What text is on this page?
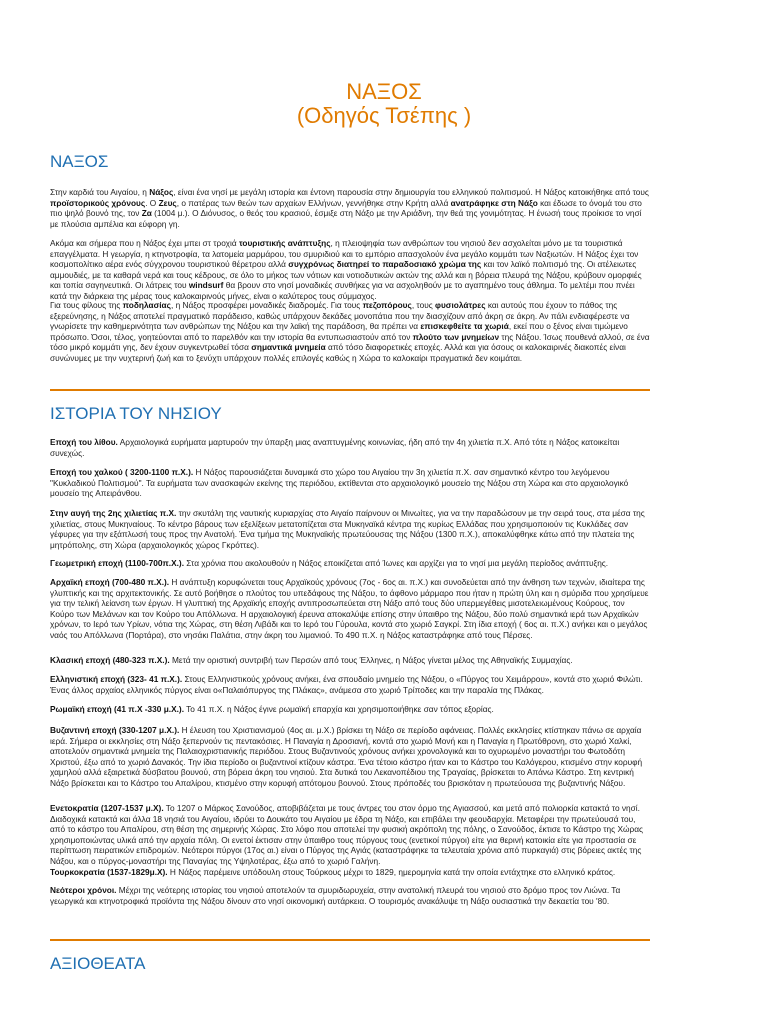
ΝΑΞΟΣ
(Οδηγός Τσέπης )
ΝΑΞΟΣ

Στην καρδιά του Αιγαίου, η Νάξος, είναι ένα νησί με μεγάλη ιστορία και έντονη παρουσία στην δημιουργία του ελληνικού πολιτισμού. Η Νάξος κατοικήθηκε από τους προϊστορικούς χρόνους. Ο Ζευς, ο πατέρας των θεών των αρχαίων Ελλήνων, γεννήθηκε στην Κρήτη αλλά ανατράφηκε στη Νάξο και έδωσε το όνομά του στο πιο ψηλό βουνό της, τον Ζα (1004 μ.). Ο Διόνυσος, ο θεός του κρασιού, έσμιξε στη Νάξο με την Αριάδνη, την θεά της γονιμότητας. Η ένωσή τους προίκισε το νησί με πλούσια αμπέλια και εύφορη γη.

Ακόμα και σήμερα που η Νάξος έχει μπει στ τροχιά τουριστικής ανάπτυξης, η πλειοψηφία των ανθρώπων του νησιού δεν ασχολείται μόνο με τα τουριστικά επαγγέλματα. Η γεωργία, η κτηνοτροφία, τα λατομεία μαρμάρου, του σμυριδιού και το εμπόριο απασχολούν ένα μεγάλο κομμάτι των Ναξιωτών. Η Νάξος έχει τον κοσμοπολίτικο αέρα ενός σύγχρονου τουριστικού θέρετρου αλλά συγχρόνως διατηρεί το παραδοσιακό χρώμα της και τον λαϊκό πολιτισμό της. Οι ατέλειωτες αμμουδιές, με τα καθαρά νερά και τους κέδρους, σε όλο το μήκος των νότιων και νοτιοδυτικών ακτών της αλλά και η βόρεια πλευρά της Νάξου, κρύβουν ομορφιές και τοπία σαγηνευτικά. Οι λάτρεις του windsurf θα βρουν στο νησί μοναδικές συνθήκες για να ασχοληθούν με το αγαπημένο τους άθλημα. Το μελτέμι που πνέει κατά την διάρκεια της μέρας τους καλοκαιρινούς μήνες, είναι ο καλύτερος τους σύμμαχος.

Για τους φίλους της ποδηλασίας, η Νάξος προσφέρει μοναδικές διαδρομές. Για τους πεζοπόρους, τους φυσιολάτρες και αυτούς που έχουν το πάθος της εξερεύνησης, η Νάξος αποτελεί πραγματικό παράδεισο, καθώς υπάρχουν δεκάδες μονοπάτια που την διασχίζουν από άκρη σε άκρη. Αν πάλι ενδιαφέρεστε να γνωρίσετε την καθημερινότητα των ανθρώπων της Νάξου και την λαϊκή της παράδοση, θα πρέπει να επισκεφθείτε τα χωριά, εκεί που ο ξένος είναι τιμώμενο πρόσωπο. Όσοι, τέλος, γοητεύονται από το παρελθόν και την ιστορία θα εντυπωσιαστούν από τον πλούτο των μνημείων της Νάξου. Ίσως πουθενά αλλού, σε ένα τόσο μικρό κομμάτι γης, δεν έχουν συγκεντρωθεί τόσα σημαντικά μνημεία από τόσο διαφορετικές εποχές. Αλλά και για όσους οι καλοκαιρινές διακοπές είναι συνώνυμες με την νυχτερινή ζωή και το ξενύχτι υπάρχουν πολλές επιλογές καθώς η Χώρα το καλοκαίρι πραγματικά δεν κοιμάται.

ΙΣΤΟΡΙΑ ΤΟΥ ΝΗΣΙΟΥ

Εποχή του λίθου. Αρχαιολογικά ευρήματα μαρτυρούν την ύπαρξη μιας αναπτυγμένης κοινωνίας, ήδη από την 4η χιλιετία π.Χ. Από τότε η Νάξος κατοικείται συνεχώς.

Εποχή του χαλκού ( 3200-1100 π.Χ.). Η Νάξος παρουσιάζεται δυναμικά στο χώρο του Αιγαίου την 3η χιλιετία π.Χ. σαν σημαντικό κέντρο του λεγόμενου "Κυκλαδικού Πολιτισμού". Τα ευρήματα των ανασκαφών εκείνης της περιόδου, εκτίθενται στο αρχαιολογικό μουσείο της Νάξου στη Χώρα και στο αρχαιολογικό μουσείο της Απειράνθου.

Στην αυγή της 2ης χιλιετίας π.Χ. την σκυτάλη της ναυτικής κυριαρχίας στο Αιγαίο παίρνουν οι Μινωίτες, για να την παραδώσουν με την σειρά τους, στα μέσα της χιλιετίας, στους Μυκηναίους. Το κέντρο βάρους των εξελίξεων μετατοπίζεται στα Μυκηναϊκά κέντρα της κυρίως Ελλάδας που χρησιμοποιούν τις Κυκλάδες σαν γέφυρες για την εξάπλωσή τους προς την Ανατολή. Ένα τμήμα της Μυκηναϊκής πρωτεύουσας της Νάξου (1300 π.Χ.), αποκαλύφθηκε κάτω από την πλατεία της μητρόπολης, στη Χώρα (αρχαιολογικός χώρος Γκρόττες).

Γεωμετρική εποχή (1100-700π.Χ.). Στα χρόνια που ακολουθούν η Νάξος εποικίζεται από Ίωνες και αρχίζει για το νησί μια μεγάλη περίοδος ανάπτυξης.

Αρχαϊκή εποχή (700-480 π.Χ.). Η ανάπτυξη κορυφώνεται τους Αρχαϊκούς χρόνους (7ος - 6ος αι. π.Χ.) και συνοδεύεται από την άνθηση των τεχνών, ιδιαίτερα της γλυπτικής και της αρχιτεκτονικής. Σε αυτό βοήθησε ο πλούτος του υπεδάφους της Νάξου, το άφθονο μάρμαρο που ήταν η πρώτη ύλη και η σμύριδα που χρησίμευε για την τελική λείανση των έργων. Η γλυπτική της Αρχαϊκής εποχής αντιπροσωπεύεται στη Νάξο από τους δύο υπερμεγέθεις μισοτελειωμένους Κούρους, τον Κούρο των Μελάνων και τον Κούρο του Απόλλωνα. Η αρχαιολογική έρευνα αποκαλύψε επίσης στην ύπαιθρο της Νάξου, δύο πολύ σημαντικά ιερά των Αρχαϊκών χρόνων, το Ιερό των Υρίων, νότια της Χώρας, στη θέση Λιβάδι και το Ιερό του Γύρουλα, κοντά στο χωριό Σαγκρί. Στη ίδια εποχή ( 6ος αι. π.Χ.) ανήκει και ο μεγάλος ναός του Απόλλωνα (Πορτάρα), στο νησάκι Παλάτια, στην άκρη του λιμανιού. Το 490 π.Χ. η Νάξος καταστράφηκε από τους Πέρσες.

Κλασική εποχή (480-323 π.Χ.). Μετά την οριστική συντριβή των Περσών από τους Έλληνες, η Νάξος γίνεται μέλος της Αθηναϊκής Συμμαχίας.

Ελληνιστική εποχή (323- 41 π.Χ.). Στους Ελληνιστικούς χρόνους ανήκει, ένα σπουδαίο μνημείο της Νάξου, ο «Πύργος του Χειμάρρου», κοντά στο χωριό Φιλώτι. Ένας άλλος αρχαίος ελληνικός πύργος είναι ο«Παλαιόπυργος της Πλάκας», ανάμεσα στο χωριό Τρίποδες και την παραλία της Πλάκας.

Ρωμαϊκή εποχή (41 π.Χ -330 μ.Χ.). Το 41 π.Χ. η Νάξος έγινε ρωμαϊκή επαρχία και χρησιμοποιήθηκε σαν τόπος εξορίας.

Βυζαντινή εποχή (330-1207 μ.Χ.). Η έλευση του Χριστιανισμού (4ος αι. μ.Χ.) βρίσκει τη Νάξο σε περίοδο αφάνειας. Πολλές εκκλησίες κτίστηκαν πάνω σε αρχαία ιερά. Σήμερα οι εκκλησίες στη Νάξο ξεπερνούν τις πεντακόσιες. Η Παναγία η Δροσιανή, κοντά στο χωριό Μονή και η Παναγία η Πρωτόθρονη, στο χωριό Χαλκί, αποτελούν σημαντικά μνημεία της Παλαιοχριστιανικής περιόδου. Στους Βυζαντινούς χρόνους ανήκει χρονολογικά και το οχυρωμένο μοναστήρι του Φωτοδότη Χριστού, έξω από το χωριό Δανακός. Την ίδια περίοδο οι βυζαντινοί κτίζουν κάστρα. Ένα τέτοιο κάστρο ήταν και το Κάστρο του Καλόγερου, κτισμένο στην κορυφή χαμηλού αλλά εξαιρετικά δύσβατου βουνού, στη βόρεια άκρη του νησιού. Στα δυτικά του Λεκανοπέδιου της Τραγαίας, βρίσκεται το Απάνω Κάστρο. Στη κεντρική Νάξο βρίσκεται και το Κάστρο του Απαλίρου, κτισμένο στην κορυφή απότομου βουνού. Στους πρόποδές του βρισκόταν η πρωτεύουσα της βυζαντινής Νάξου.

Ενετοκρατία (1207-1537 μ.Χ). Το 1207 ο Μάρκος Σανούδος, αποβιβάζεται με τους άντρες του στον όρμο της Αγιασσού, και μετά από πολιορκία κατακτά το νησί. Διαδοχικά κατακτά και άλλα 18 νησιά του Αιγαίου, ιδρύει το Δουκάτο του Αιγαίου με έδρα τη Νάξο, και επιβάλει την φεουδαρχία. Μεταφέρει την πρωτεύουσά του, από το κάστρο του Απαλίρου, στη θέση της σημερινής Χώρας. Στο λόφο που αποτελεί την φυσική ακρόπολη της πόλης, ο Σανούδος, έκτισε το Κάστρο της Χώρας χρησιμοποιώντας υλικά από την αρχαία πόλη. Οι ενετοί έκτισαν στην ύπαιθρο τους πύργους τους (ενετικοί πύργοι) είτε για θερινή κατοικία είτε για προστασία σε περίπτωση πειρατικών επιδρομών. Νεότεροι πύργοι (17ος αι.) είναι ο Πύργος της Αγιάς (καταστράφηκε τα τελευταία χρόνια από πυρκαγιά) στις βόρειες ακτές της Νάξου, και ο πύργος-μοναστήρι της Παναγίας της Υψηλοτέρας, έξω από το χωριό Γαλήνη.

Τουρκοκρατία (1537-1829μ.Χ). Η Νάξος παρέμεινε υπόδουλη στους Τούρκους μέχρι το 1829, ημερομηνία κατά την οποία εντάχτηκε στο ελληνικό κράτος.

Νεότεροι χρόνοι. Μέχρι της νεότερης ιστορίας του νησιού αποτελούν τα σμυριδωρυχεία, στην ανατολική πλευρά του νησιού στο δρόμο προς τον Λιώνα. Τα γεωργικά και κτηνοτροφικά προϊόντα της Νάξου δίνουν στο νησί οικονομική αυτάρκεια. Ο τουρισμός ανακάλυψε τη Νάξο ουσιαστικά την δεκαετία του '80.

ΑΞΙΟΘΕΑΤΑ
